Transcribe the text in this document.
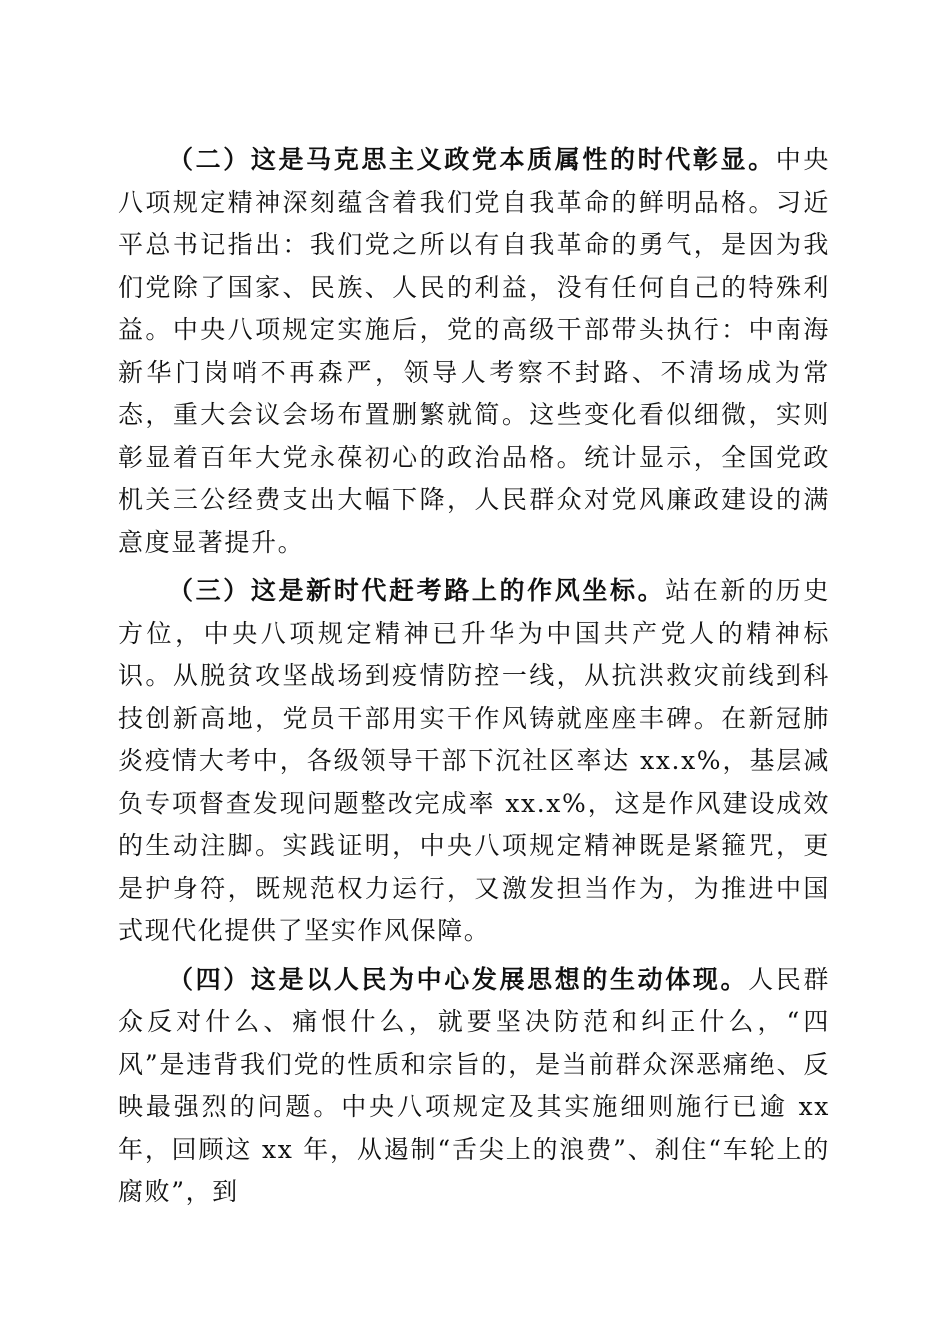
（二）这是马克思主义政党本质属性的时代彰显。中央八项规定精神深刻蕴含着我们党自我革命的鲜明品格。习近平总书记指出：我们党之所以有自我革命的勇气，是因为我们党除了国家、民族、人民的利益，没有任何自己的特殊利益。中央八项规定实施后，党的高级干部带头执行：中南海新华门岗哨不再森严，领导人考察不封路、不清场成为常态，重大会议会场布置删繁就简。这些变化看似细微，实则彰显着百年大党永葆初心的政治品格。统计显示，全国党政机关三公经费支出大幅下降，人民群众对党风廉政建设的满意度显著提升。

（三）这是新时代赶考路上的作风坐标。站在新的历史方位，中央八项规定精神已升华为中国共产党人的精神标识。从脱贫攻坚战场到疫情防控一线，从抗洪救灾前线到科技创新高地，党员干部用实干作风铸就座座丰碑。在新冠肺炎疫情大考中，各级领导干部下沉社区率达 xx.x%，基层减负专项督查发现问题整改完成率 xx.x%，这是作风建设成效的生动注脚。实践证明，中央八项规定精神既是紧箍咒，更是护身符，既规范权力运行，又激发担当作为，为推进中国式现代化提供了坚实作风保障。

（四）这是以人民为中心发展思想的生动体现。人民群众反对什么、痛恨什么，就要坚决防范和纠正什么，“四风”是违背我们党的性质和宗旨的，是当前群众深恶痛绝、反映最强烈的问题。中央八项规定及其实施细则施行已逾 xx 年，回顾这 xx 年，从遏制“舌尖上的浪费”、刹住“车轮上的腐败”，到
